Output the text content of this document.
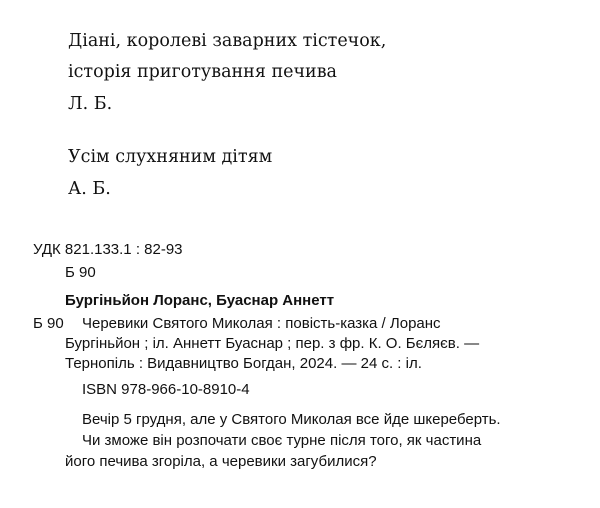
Діані, королеві заварних тістечок,

історія приготування печива

Л. Б.

Усім слухняним дітям

А. Б.

УДК 821.133.1 : 82-93

Б 90

Бургіньйон Лоранс, Буаснар Аннетт

Б 90 Черевики Святого Миколая : повість-казка / Лоранс

Бургіньйон ; іл. Аннетт Буаснар ; пер. з фр. К. О. Бєляєв. —

Тернопіль : Видавництво Богдан, 2024. — 24 с. : іл.

ISBN 978-966-10-8910-4

Вечір 5 грудня, але у Святого Миколая все йде шкереберть.

Чи зможе він розпочати своє турне після того, як частина

його печива згоріла, а черевики загубилися?
